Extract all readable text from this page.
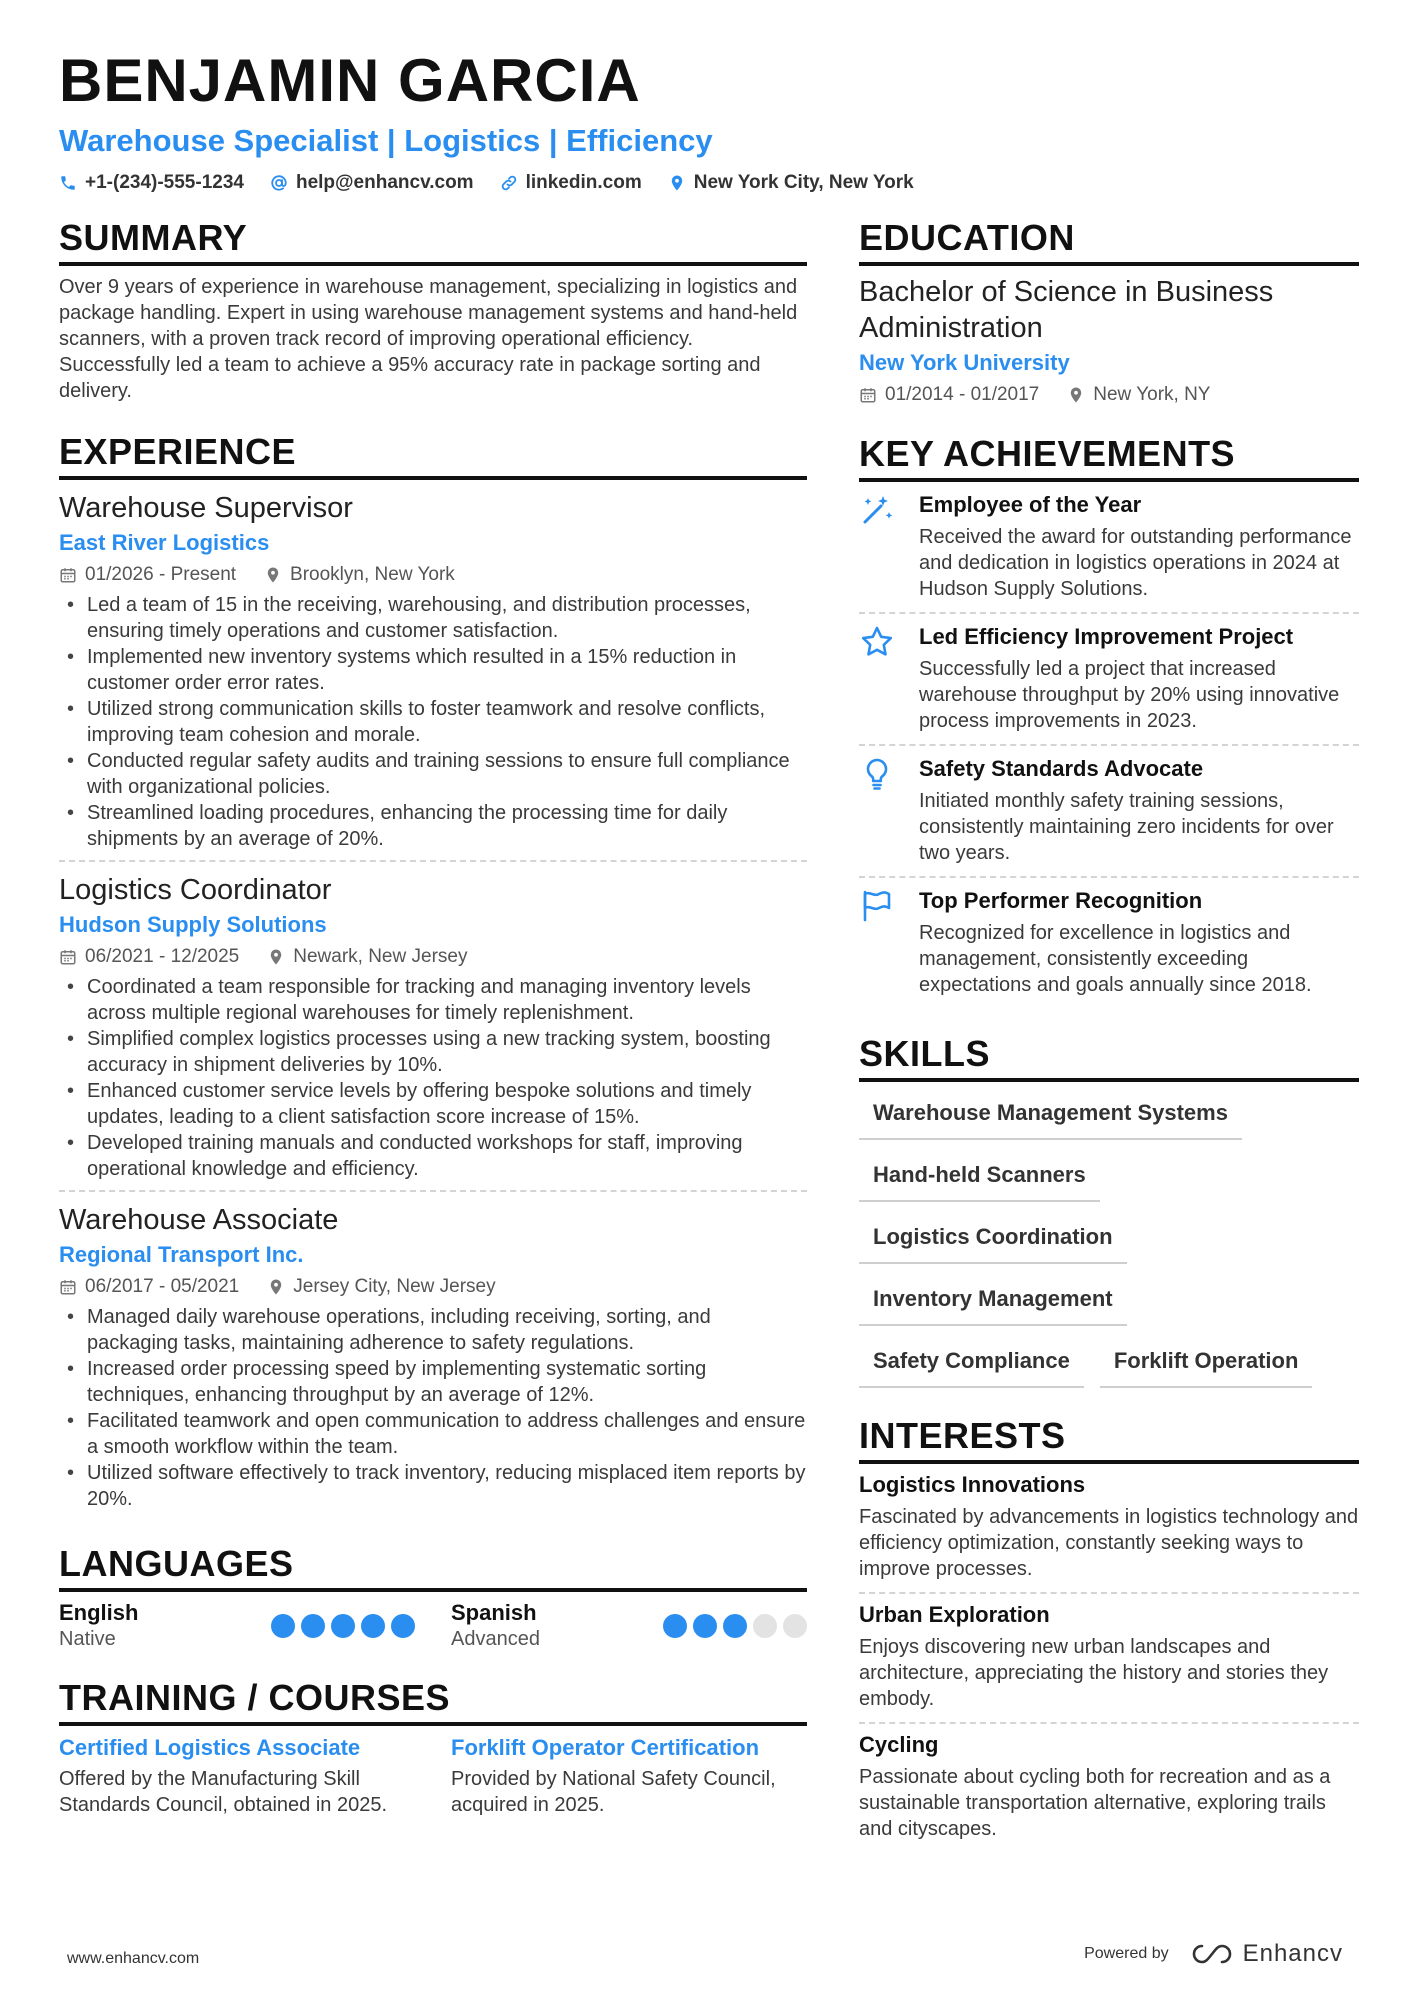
BENJAMIN GARCIA
Warehouse Specialist | Logistics | Efficiency
+1-(234)-555-1234	help@enhancv.com	linkedin.com	New York City, New York
SUMMARY
Over 9 years of experience in warehouse management, specializing in logistics and package handling. Expert in using warehouse management systems and hand-held scanners, with a proven track record of improving operational efficiency. Successfully led a team to achieve a 95% accuracy rate in package sorting and delivery.
EXPERIENCE
Warehouse Supervisor
East River Logistics
01/2026 - Present	Brooklyn, New York
• Led a team of 15 in the receiving, warehousing, and distribution processes, ensuring timely operations and customer satisfaction.
• Implemented new inventory systems which resulted in a 15% reduction in customer order error rates.
• Utilized strong communication skills to foster teamwork and resolve conflicts, improving team cohesion and morale.
• Conducted regular safety audits and training sessions to ensure full compliance with organizational policies.
• Streamlined loading procedures, enhancing the processing time for daily shipments by an average of 20%.
Logistics Coordinator
Hudson Supply Solutions
06/2021 - 12/2025	Newark, New Jersey
• Coordinated a team responsible for tracking and managing inventory levels across multiple regional warehouses for timely replenishment.
• Simplified complex logistics processes using a new tracking system, boosting accuracy in shipment deliveries by 10%.
• Enhanced customer service levels by offering bespoke solutions and timely updates, leading to a client satisfaction score increase of 15%.
• Developed training manuals and conducted workshops for staff, improving operational knowledge and efficiency.
Warehouse Associate
Regional Transport Inc.
06/2017 - 05/2021	Jersey City, New Jersey
• Managed daily warehouse operations, including receiving, sorting, and packaging tasks, maintaining adherence to safety regulations.
• Increased order processing speed by implementing systematic sorting techniques, enhancing throughput by an average of 12%.
• Facilitated teamwork and open communication to address challenges and ensure a smooth workflow within the team.
• Utilized software effectively to track inventory, reducing misplaced item reports by 20%.
LANGUAGES
English
Native
Spanish
Advanced
TRAINING / COURSES
Certified Logistics Associate
Offered by the Manufacturing Skill Standards Council, obtained in 2025.
Forklift Operator Certification
Provided by National Safety Council, acquired in 2025.
EDUCATION
Bachelor of Science in Business Administration
New York University
01/2014 - 01/2017	New York, NY
KEY ACHIEVEMENTS
Employee of the Year
Received the award for outstanding performance and dedication in logistics operations in 2024 at Hudson Supply Solutions.
Led Efficiency Improvement Project
Successfully led a project that increased warehouse throughput by 20% using innovative process improvements in 2023.
Safety Standards Advocate
Initiated monthly safety training sessions, consistently maintaining zero incidents for over two years.
Top Performer Recognition
Recognized for excellence in logistics and management, consistently exceeding expectations and goals annually since 2018.
SKILLS
Warehouse Management Systems
Hand-held Scanners
Logistics Coordination
Inventory Management
Safety Compliance	Forklift Operation
INTERESTS
Logistics Innovations
Fascinated by advancements in logistics technology and efficiency optimization, constantly seeking ways to improve processes.
Urban Exploration
Enjoys discovering new urban landscapes and architecture, appreciating the history and stories they embody.
Cycling
Passionate about cycling both for recreation and as a sustainable transportation alternative, exploring trails and cityscapes.
www.enhancv.com	Powered by	Enhancv
